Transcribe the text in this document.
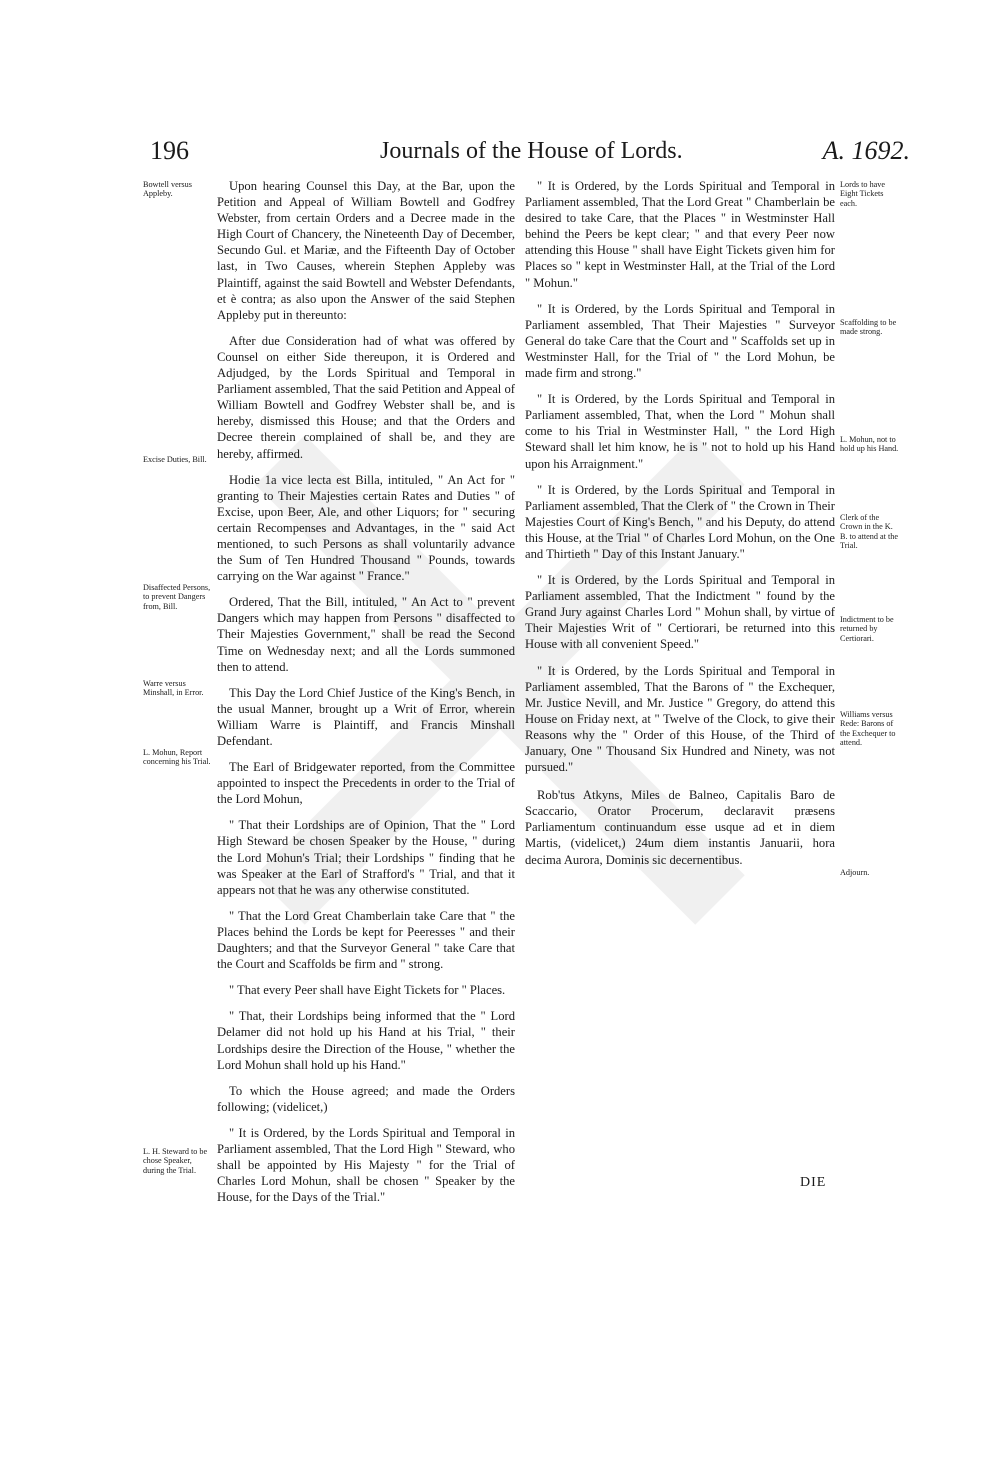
196	Journals of the House of Lords.	A. 1692.
Bowtell versus Appleby.
Excise Duties, Bill.
Disaffected Persons, to prevent Dangers from, Bill.
Warre versus Minshall, in Error.
L. Mohun, Report concerning his Trial.
L. H. Steward to be chose Speaker, during the Trial.

Upon hearing Counsel this Day, at the Bar, upon the Petition and Appeal of William Bowtell and Godfrey Webster, from certain Orders and a Decree made in the High Court of Chancery, the Nineteenth Day of December, Secundo Gul. et Mariæ, and the Fifteenth Day of October last, in Two Causes, wherein Stephen Appleby was Plaintiff, against the said Bowtell and Webster Defendants, et è contra; as also upon the Answer of the said Stephen Appleby put in thereunto:

After due Consideration had of what was offered by Counsel on either Side thereupon, it is Ordered and Adjudged, by the Lords Spiritual and Temporal in Parliament assembled, That the said Petition and Appeal of William Bowtell and Godfrey Webster shall be, and is hereby, dismissed this House; and that the Orders and Decree therein complained of shall be, and they are hereby, affirmed.

Hodie 1a vice lecta est Billa, intituled, " An Act for " granting to Their Majesties certain Rates and Duties " of Excise, upon Beer, Ale, and other Liquors; for " securing certain Recompenses and Advantages, in the " said Act mentioned, to such Persons as shall voluntarily advance the Sum of Ten Hundred Thousand " Pounds, towards carrying on the War against " France."

Ordered, That the Bill, intituled, " An Act to " prevent Dangers which may happen from Persons " disaffected to Their Majesties Government," shall be read the Second Time on Wednesday next; and all the Lords summoned then to attend.

This Day the Lord Chief Justice of the King's Bench, in the usual Manner, brought up a Writ of Error, wherein William Warre is Plaintiff, and Francis Minshall Defendant.

The Earl of Bridgewater reported, from the Committee appointed to inspect the Precedents in order to the Trial of the Lord Mohun,

" That their Lordships are of Opinion, That the " Lord High Steward be chosen Speaker by the House, " during the Lord Mohun's Trial; their Lordships " finding that he was Speaker at the Earl of Strafford's " Trial, and that it appears not that he was any otherwise constituted.

" That the Lord Great Chamberlain take Care that " the Places behind the Lords be kept for Peeresses " and their Daughters; and that the Surveyor General " take Care that the Court and Scaffolds be firm and " strong.

" That every Peer shall have Eight Tickets for " Places.

" That, their Lordships being informed that the " Lord Delamer did not hold up his Hand at his Trial, " their Lordships desire the Direction of the House, " whether the Lord Mohun shall hold up his Hand."

To which the House agreed; and made the Orders following; (videlicet,)

" It is Ordered, by the Lords Spiritual and Temporal in Parliament assembled, That the Lord High " Steward, who shall be appointed by His Majesty " for the Trial of Charles Lord Mohun, shall be chosen " Speaker by the House, for the Days of the Trial."

" It is Ordered, by the Lords Spiritual and Temporal in Parliament assembled, That the Lord Great " Chamberlain be desired to take Care, that the Places " in Westminster Hall behind the Peers be kept clear; " and that every Peer now attending this House " shall have Eight Tickets given him for Places so " kept in Westminster Hall, at the Trial of the Lord " Mohun."

" It is Ordered, by the Lords Spiritual and Temporal in Parliament assembled, That Their Majesties " Surveyor General do take Care that the Court and " Scaffolds set up in Westminster Hall, for the Trial of " the Lord Mohun, be made firm and strong."

" It is Ordered, by the Lords Spiritual and Temporal in Parliament assembled, That, when the Lord " Mohun shall come to his Trial in Westminster Hall, " the Lord High Steward shall let him know, he is " not to hold up his Hand upon his Arraignment."

" It is Ordered, by the Lords Spiritual and Temporal in Parliament assembled, That the Clerk of " the Crown in Their Majesties Court of King's Bench, " and his Deputy, do attend this House, at the Trial " of Charles Lord Mohun, on the One and Thirtieth " Day of this Instant January."

" It is Ordered, by the Lords Spiritual and Temporal in Parliament assembled, That the Indictment " found by the Grand Jury against Charles Lord " Mohun shall, by virtue of Their Majesties Writ of " Certiorari, be returned into this House with all convenient Speed."

" It is Ordered, by the Lords Spiritual and Temporal in Parliament assembled, That the Barons of " the Exchequer, Mr. Justice Nevill, and Mr. Justice " Gregory, do attend this House on Friday next, at " Twelve of the Clock, to give their Reasons why the " Order of this House, of the Third of January, One " Thousand Six Hundred and Ninety, was not pursued."

Rob'tus Atkyns, Miles de Balneo, Capitalis Baro de Scaccario, Orator Procerum, declaravit præsens Parliamentum continuandum esse usque ad et in diem Martis, (videlicet,) 24um diem instantis Januarii, hora decima Aurora, Dominis sic decernentibus.

Lords to have Eight Tickets each.
Scaffolding to be made strong.
L. Mohun, not to hold up his Hand.
Clerk of the Crown in the K. B. to attend at the Trial.
Indictment to be returned by Certiorari.
Williams versus Rede: Barons of the Exchequer to attend.
Adjourn.
DIE
